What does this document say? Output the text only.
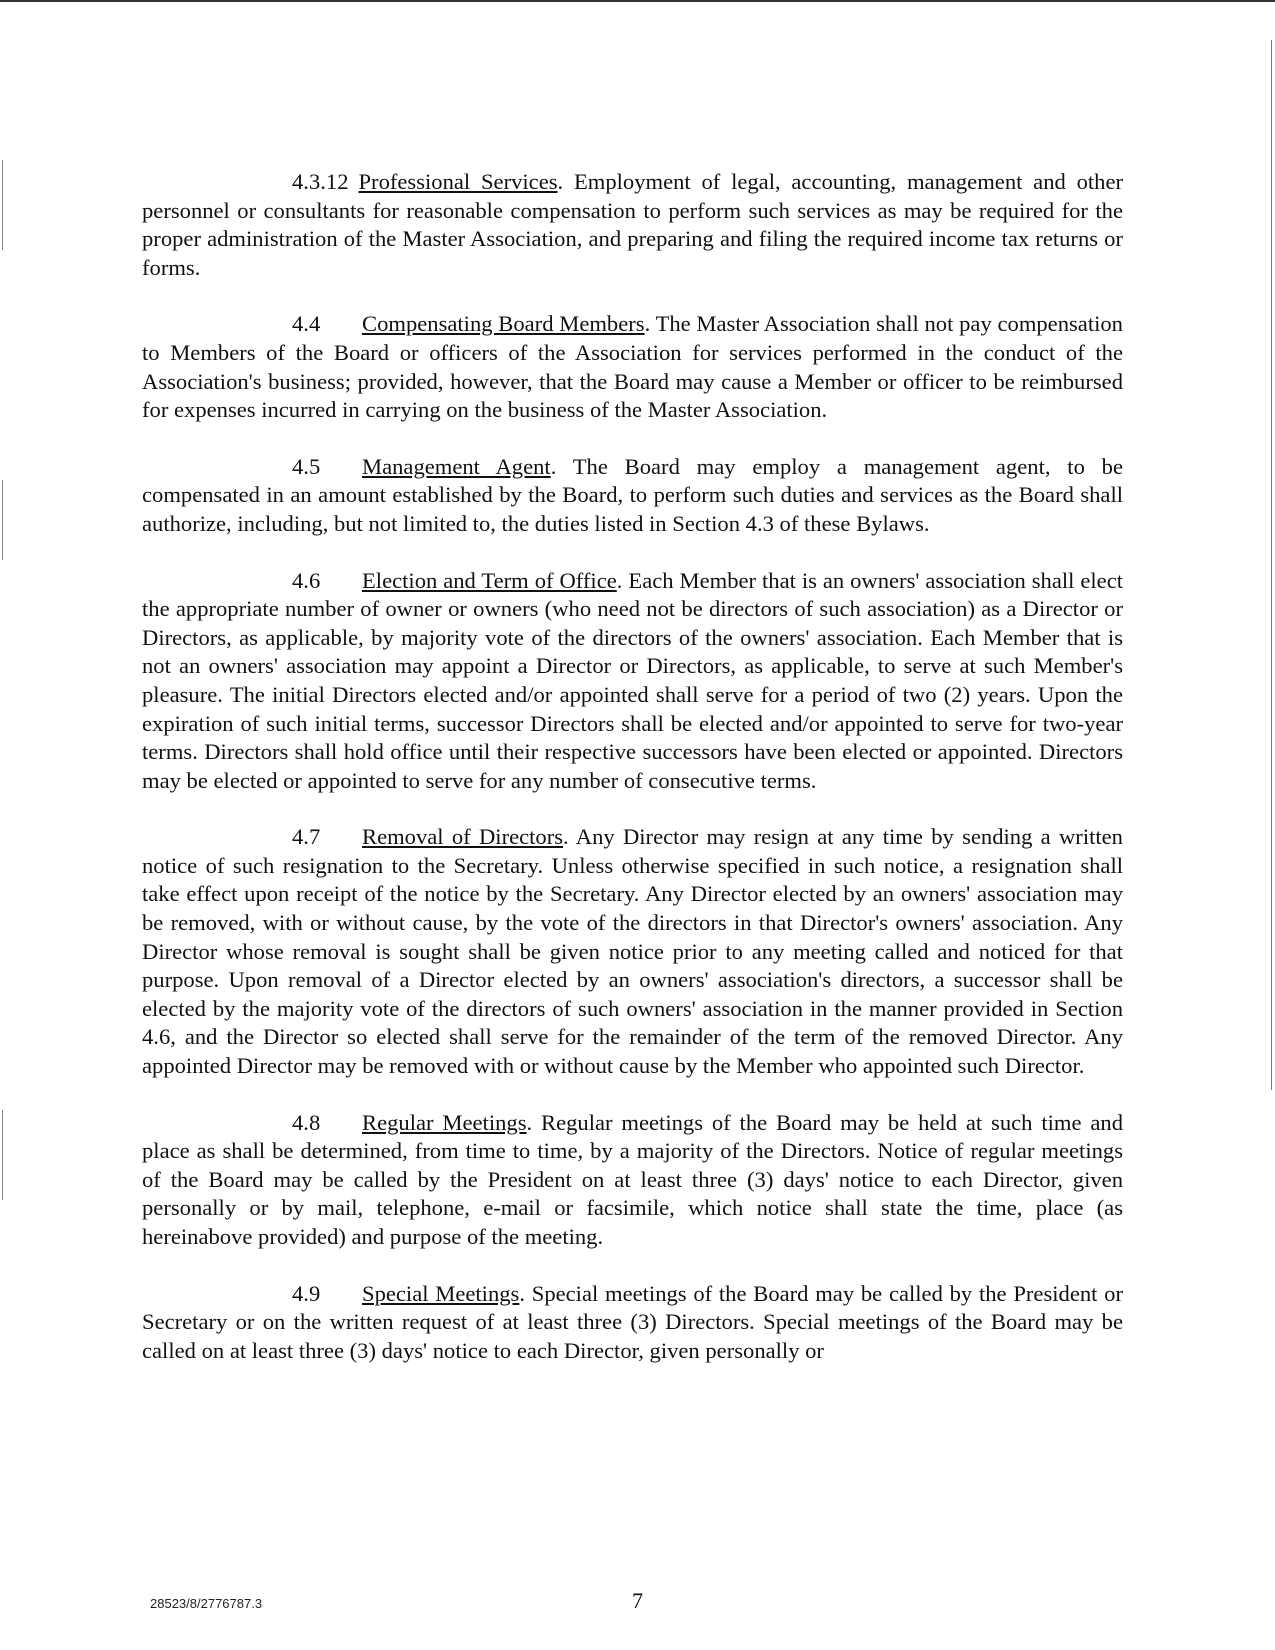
4.3.12 Professional Services. Employment of legal, accounting, management and other personnel or consultants for reasonable compensation to perform such services as may be required for the proper administration of the Master Association, and preparing and filing the required income tax returns or forms.

4.4 Compensating Board Members. The Master Association shall not pay compensation to Members of the Board or officers of the Association for services performed in the conduct of the Association's business; provided, however, that the Board may cause a Member or officer to be reimbursed for expenses incurred in carrying on the business of the Master Association.

4.5 Management Agent. The Board may employ a management agent, to be compensated in an amount established by the Board, to perform such duties and services as the Board shall authorize, including, but not limited to, the duties listed in Section 4.3 of these Bylaws.

4.6 Election and Term of Office. Each Member that is an owners' association shall elect the appropriate number of owner or owners (who need not be directors of such association) as a Director or Directors, as applicable, by majority vote of the directors of the owners' association. Each Member that is not an owners' association may appoint a Director or Directors, as applicable, to serve at such Member's pleasure. The initial Directors elected and/or appointed shall serve for a period of two (2) years. Upon the expiration of such initial terms, successor Directors shall be elected and/or appointed to serve for two-year terms. Directors shall hold office until their respective successors have been elected or appointed. Directors may be elected or appointed to serve for any number of consecutive terms.

4.7 Removal of Directors. Any Director may resign at any time by sending a written notice of such resignation to the Secretary. Unless otherwise specified in such notice, a resignation shall take effect upon receipt of the notice by the Secretary. Any Director elected by an owners' association may be removed, with or without cause, by the vote of the directors in that Director's owners' association. Any Director whose removal is sought shall be given notice prior to any meeting called and noticed for that purpose. Upon removal of a Director elected by an owners' association's directors, a successor shall be elected by the majority vote of the directors of such owners' association in the manner provided in Section 4.6, and the Director so elected shall serve for the remainder of the term of the removed Director. Any appointed Director may be removed with or without cause by the Member who appointed such Director.

4.8 Regular Meetings. Regular meetings of the Board may be held at such time and place as shall be determined, from time to time, by a majority of the Directors. Notice of regular meetings of the Board may be called by the President on at least three (3) days' notice to each Director, given personally or by mail, telephone, e-mail or facsimile, which notice shall state the time, place (as hereinabove provided) and purpose of the meeting.

4.9 Special Meetings. Special meetings of the Board may be called by the President or Secretary or on the written request of at least three (3) Directors. Special meetings of the Board may be called on at least three (3) days' notice to each Director, given personally or

28523/8/2776787.3	7
